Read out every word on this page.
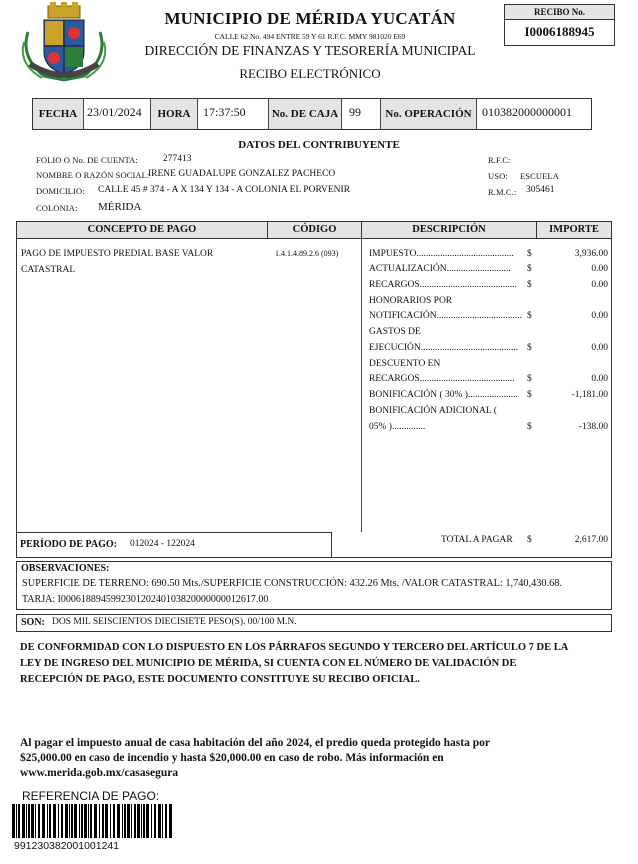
MUNICIPIO DE MÉRIDA YUCATÁN
CALLE 62 No. 494 ENTRE 59 Y 61 R.F.C. MMY 981020 E69
DIRECCIÓN DE FINANZAS Y TESORERÍA MUNICIPAL
RECIBO ELECTRÓNICO
RECIBO No.
I0006188945
FECHA 23/01/2024	HORA	17:37:50 No. DE CAJA 99	No. OPERACIÓN 010382000000001
DATOS DEL CONTRIBUYENTE
FOLIO O No. DE CUENTA:	277413
NOMBRE O RAZÓN SOCIAL:
IRENE GUADALUPE GONZALEZ PACHECO
DOMICILIO: CALLE 45 # 374 - A X 134 Y 134 - A COLONIA EL PORVENIR
COLONIA: MÉRIDA
R.F.C:
USO: ESCUELA
R.M.C.: 305461
CONCEPTO DE PAGO	CÓDIGO	DESCRIPCIÓN	IMPORTE
PAGO DE IMPUESTO PREDIAL BASE VALOR
CATASTRAL
1.4.1.4.89.2.6 (093)	IMPUESTO......................................... $	3,936.00
ACTUALIZACIÓN........................... $	0.00
RECARGOS......................................... $	0.00
HONORARIOS POR
NOTIFICACIÓN.................................... $	0.00
GASTOS DE
EJECUCIÓN......................................... $	0.00
DESCUENTO EN
RECARGOS........................................ $	0.00
BONIFICACIÓN ( 30% )..................... $	-1,181.00
BONIFICACIÓN ADICIONAL (
05% )..............	$	-138.00
PERÍODO DE PAGO: 012024 - 122024	TOTAL A PAGAR $	2,617.00
OBSERVACIONES:
SUPERFICIE DE TERRENO: 690.50 Mts./SUPERFICIE CONSTRUCCIÓN: 432.26 Mts. /VALOR CATASTRAL: 1,740,430.68.
TARJA: I000618894599230120240103820000000012617.00
SON: DOS MIL SEISCIENTOS DIECISIETE PESO(S). 00/100 M.N.
DE CONFORMIDAD CON LO DISPUESTO EN LOS PÁRRAFOS SEGUNDO Y TERCERO DEL ARTÍCULO 7 DE LA
LEY DE INGRESO DEL MUNICIPIO DE MÉRIDA, SI CUENTA CON EL NÚMERO DE VALIDACIÓN DE
RECEPCIÓN DE PAGO, ESTE DOCUMENTO CONSTITUYE SU RECIBO OFICIAL.
Al pagar el impuesto anual de casa habitación del año 2024, el predio queda protegido hasta por
$25,000.00 en caso de incendio y hasta $20,000.00 en caso de robo. Más información en
www.merida.gob.mx/casasegura
REFERENCIA DE PAGO:
99123038200100124​1
